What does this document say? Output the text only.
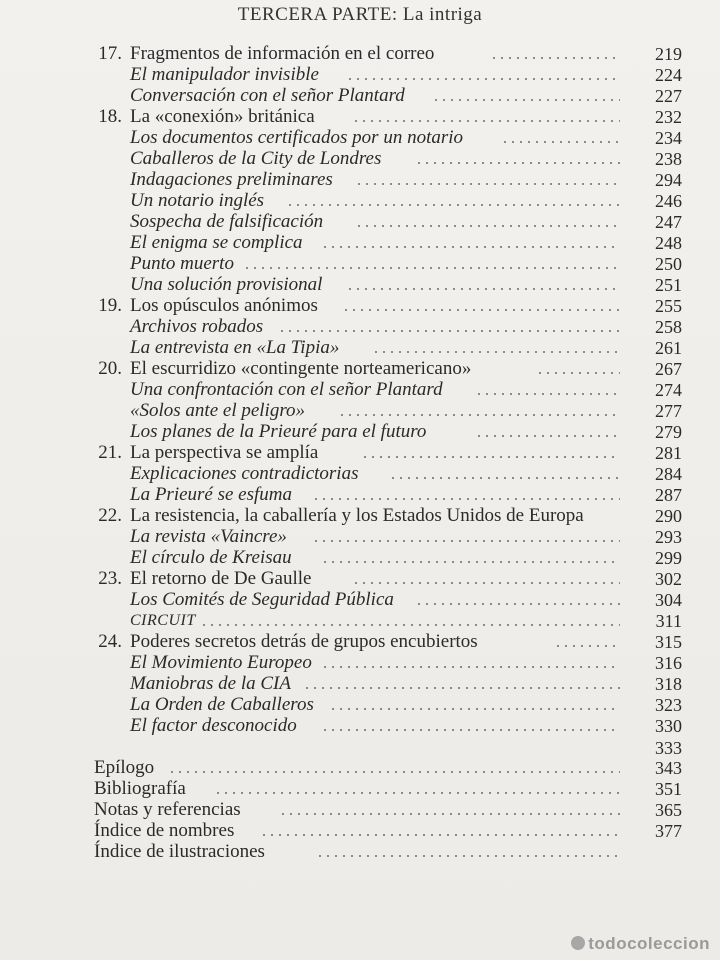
TERCERA PARTE: La intriga
17. Fragmentos de información en el correo	219
El manipulador invisible	224
Conversación con el señor Plantard	227
18. La «conexión» británica	232
Los documentos certificados por un notario	234
Caballeros de la City de Londres	238
Indagaciones preliminares	294
Un notario inglés	246
Sospecha de falsificación	247
El enigma se complica	248
Punto muerto	250
Una solución provisional	251
19. Los opúsculos anónimos	255
Archivos robados	258
La entrevista en «La Tipia»	261
20. El escurridizo «contingente norteamericano»	267
Una confrontación con el señor Plantard	274
«Solos ante el peligro»	277
Los planes de la Prieuré para el futuro	279
21. La perspectiva se amplía	281
Explicaciones contradictorias	284
La Prieuré se esfuma	287
22. La resistencia, la caballería y los Estados Unidos de Europa	290
La revista «Vaincre»	293
El círculo de Kreisau	299
23. El retorno de De Gaulle	302
Los Comités de Seguridad Pública	304
CIRCUIT	311
24. Poderes secretos detrás de grupos encubiertos	315
El Movimiento Europeo	316
Maniobras de la CIA	318
La Orden de Caballeros	323
El factor desconocido	330
333
Epílogo	343
Bibliografía	351
Notas y referencias	365
Índice de nombres	377
Índice de ilustraciones
todocoleccion
